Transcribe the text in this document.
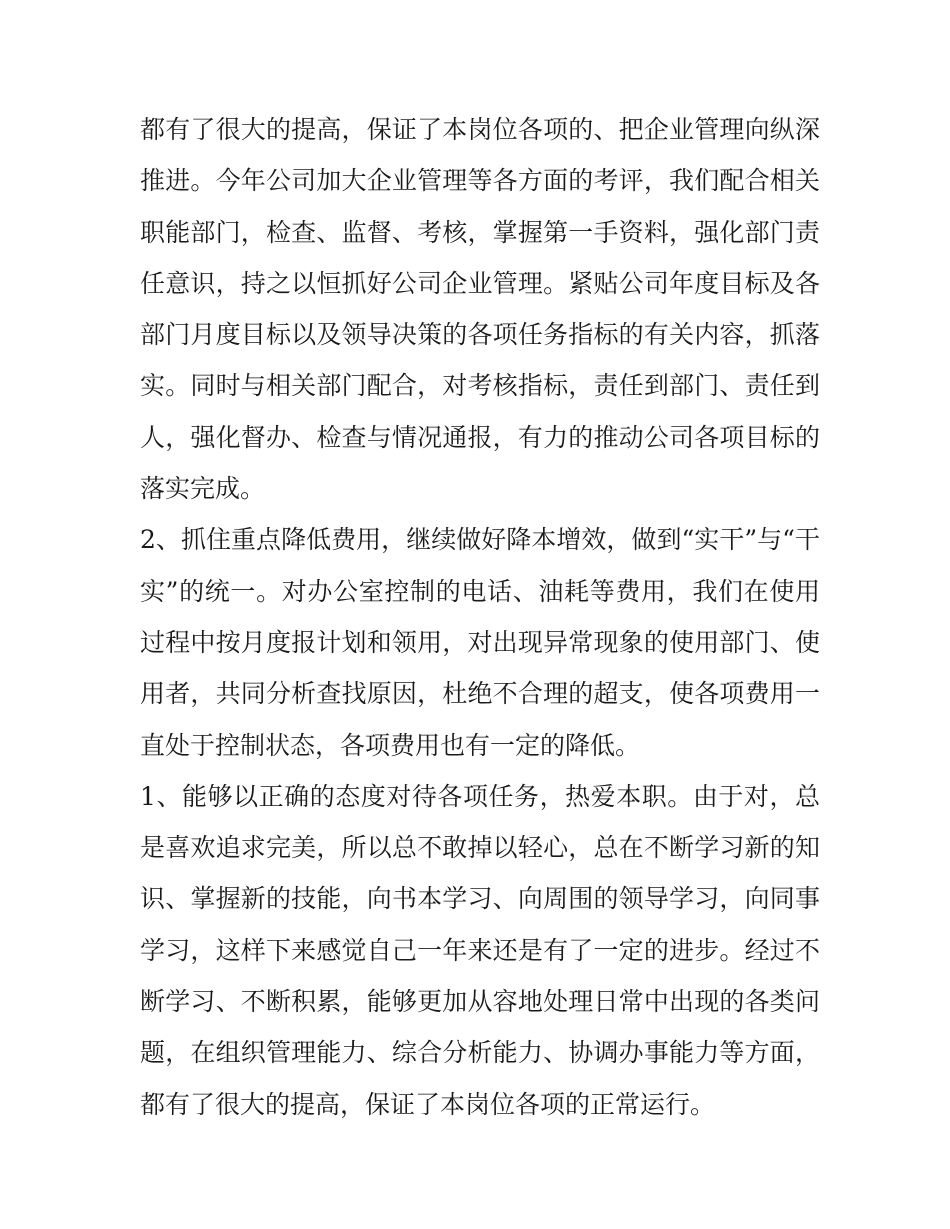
都有了很大的提高，保证了本岗位各项的、把企业管理向纵深
推进。今年公司加大企业管理等各方面的考评，我们配合相关
职能部门，检查、监督、考核，掌握第一手资料，强化部门责
任意识，持之以恒抓好公司企业管理。紧贴公司年度目标及各
部门月度目标以及领导决策的各项任务指标的有关内容，抓落
实。同时与相关部门配合，对考核指标，责任到部门、责任到
人，强化督办、检查与情况通报，有力的推动公司各项目标的
落实完成。
2、抓住重点降低费用，继续做好降本增效，做到“实干”与“干
实”的统一。对办公室控制的电话、油耗等费用，我们在使用
过程中按月度报计划和领用，对出现异常现象的使用部门、使
用者，共同分析查找原因，杜绝不合理的超支，使各项费用一
直处于控制状态，各项费用也有一定的降低。
1、能够以正确的态度对待各项任务，热爱本职。由于对，总
是喜欢追求完美，所以总不敢掉以轻心，总在不断学习新的知
识、掌握新的技能，向书本学习、向周围的领导学习，向同事
学习，这样下来感觉自己一年来还是有了一定的进步。经过不
断学习、不断积累，能够更加从容地处理日常中出现的各类问
题，在组织管理能力、综合分析能力、协调办事能力等方面，
都有了很大的提高，保证了本岗位各项的正常运行。
